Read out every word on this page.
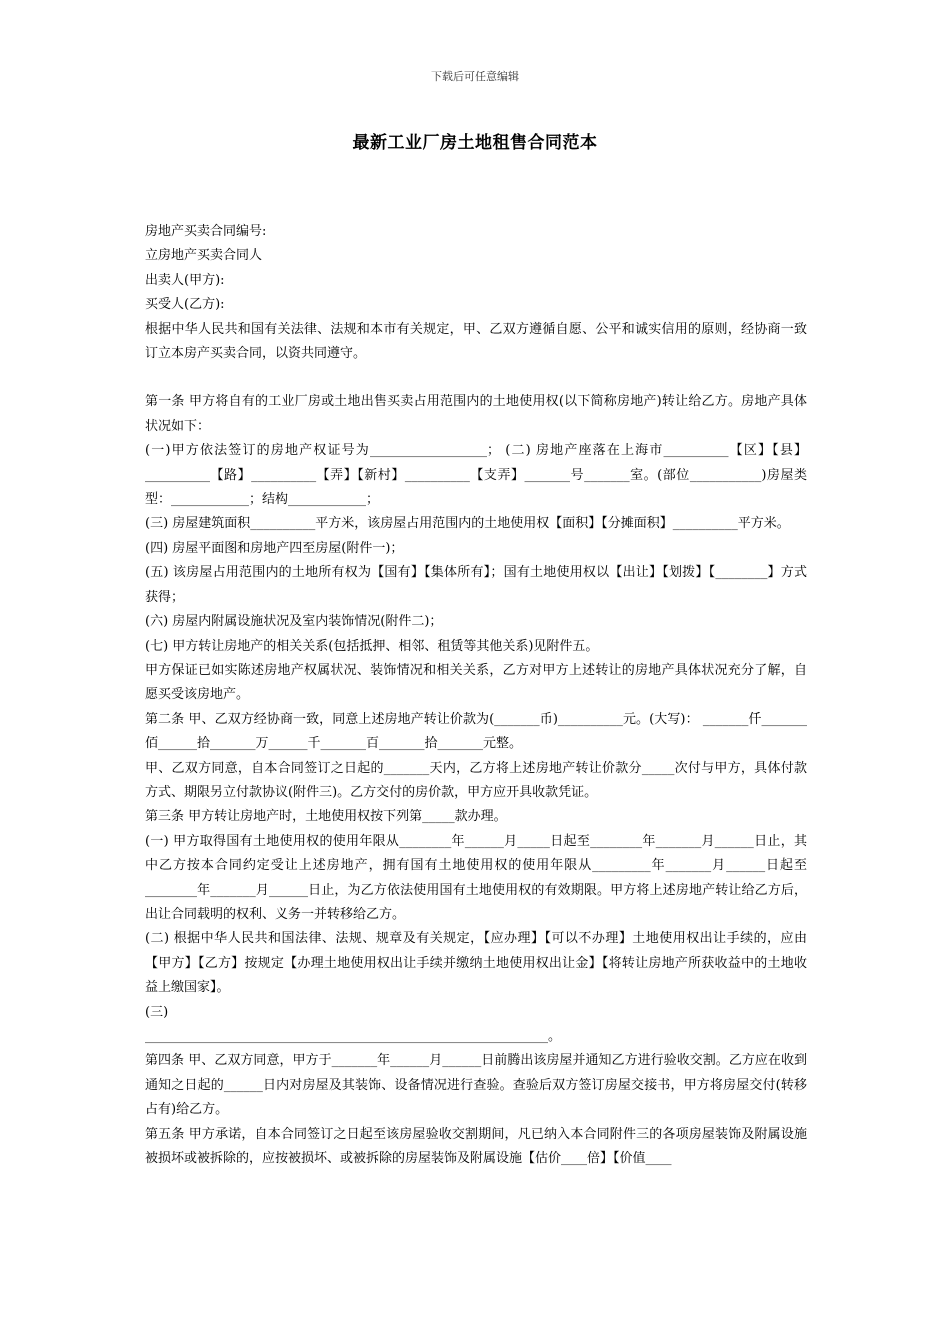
下载后可任意编辑
最新工业厂房土地租售合同范本

房地产买卖合同编号:

立房地产买卖合同人

出卖人(甲方):

买受人(乙方):

根据中华人民共和国有关法律、法规和本市有关规定，甲、乙双方遵循自愿、公平和诚实信用的原则，经协商一致订立本房产买卖合同，以资共同遵守。

第一条 甲方将自有的工业厂房或土地出售买卖占用范围内的土地使用权(以下简称房地产)转让给乙方。房地产具体状况如下：

(一)甲方依法签订的房地产权证号为__________________； (二) 房地产座落在上海市__________【区】【县】__________【路】__________【弄】【新村】__________【支弄】_______号_______室。(部位___________)房屋类型：____________；结构____________；

(三) 房屋建筑面积__________平方米，该房屋占用范围内的土地使用权【面积】【分摊面积】__________平方米。

(四) 房屋平面图和房地产四至房屋(附件一)；

(五) 该房屋占用范围内的土地所有权为【国有】【集体所有】；国有土地使用权以【出让】【划拨】【________】方式获得；

(六) 房屋内附属设施状况及室内装饰情况(附件二)；

(七) 甲方转让房地产的相关关系(包括抵押、相邻、租赁等其他关系)见附件五。

甲方保证已如实陈述房地产权属状况、装饰情况和相关关系，乙方对甲方上述转让的房地产具体状况充分了解，自愿买受该房地产。

第二条 甲、乙双方经协商一致，同意上述房地产转让价款为(_______币)__________元。(大写)： _______仟_______佰______拾_______万______千_______百_______拾_______元整。

甲、乙双方同意，自本合同签订之日起的_______天内，乙方将上述房地产转让价款分_____次付与甲方，具体付款方式、期限另立付款协议(附件三)。乙方交付的房价款，甲方应开具收款凭证。

第三条 甲方转让房地产时，土地使用权按下列第_____款办理。

(一) 甲方取得国有土地使用权的使用年限从________年______月_____日起至________年_______月______日止，其中乙方按本合同约定受让上述房地产，拥有国有土地使用权的使用年限从_________年_______月______日起至________年_______月______日止，为乙方依法使用国有土地使用权的有效期限。甲方将上述房地产转让给乙方后，出让合同载明的权利、义务一并转移给乙方。

(二) 根据中华人民共和国法律、法规、规章及有关规定，【应办理】【可以不办理】土地使用权出让手续的，应由【甲方】【乙方】按规定【办理土地使用权出让手续并缴纳土地使用权出让金】【将转让房地产所获收益中的土地收益上缴国家】。

(三)

______________________________________________________________。

第四条 甲、乙双方同意，甲方于_______年______月______日前腾出该房屋并通知乙方进行验收交割。乙方应在收到通知之日起的______日内对房屋及其装饰、设备情况进行查验。查验后双方签订房屋交接书，甲方将房屋交付(转移占有)给乙方。

第五条 甲方承诺，自本合同签订之日起至该房屋验收交割期间，凡已纳入本合同附件三的各项房屋装饰及附属设施被损坏或被拆除的，应按被损坏、或被拆除的房屋装饰及附属设施【估价____倍】【价值____
